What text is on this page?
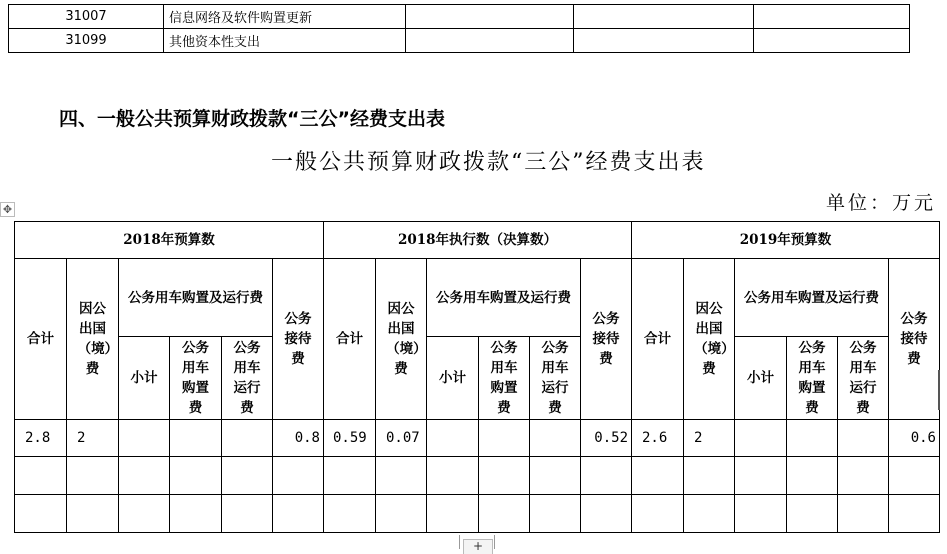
31007	信息网络及软件购置更新			
31099	其他资本性支出			
四、一般公共预算财政拨款“三公”经费支出表
一般公共预算财政拨款“三公”经费支出表
单位：万元
✥
2018年预算数						2018年执行数（决算数）						2019年预算数					
合计	因公
出国
（境）
费	公务用车购置及运行费			公务
接待
费	合计	因公
出国
（境）
费	公务用车购置及运行费			公务
接待
费	合计	因公
出国
（境）
费	公务用车购置及运行费			公务
接待
费
		小计	公务
用车
购置
费	公务
用车
运行
费				小计	公务
用车
购置
费	公务
用车
运行
费				小计	公务
用车
购置
费	公务
用车
运行
费	
2.8	2				0.8	0.59	0.07				0.52	2.6	2				0.6

+
